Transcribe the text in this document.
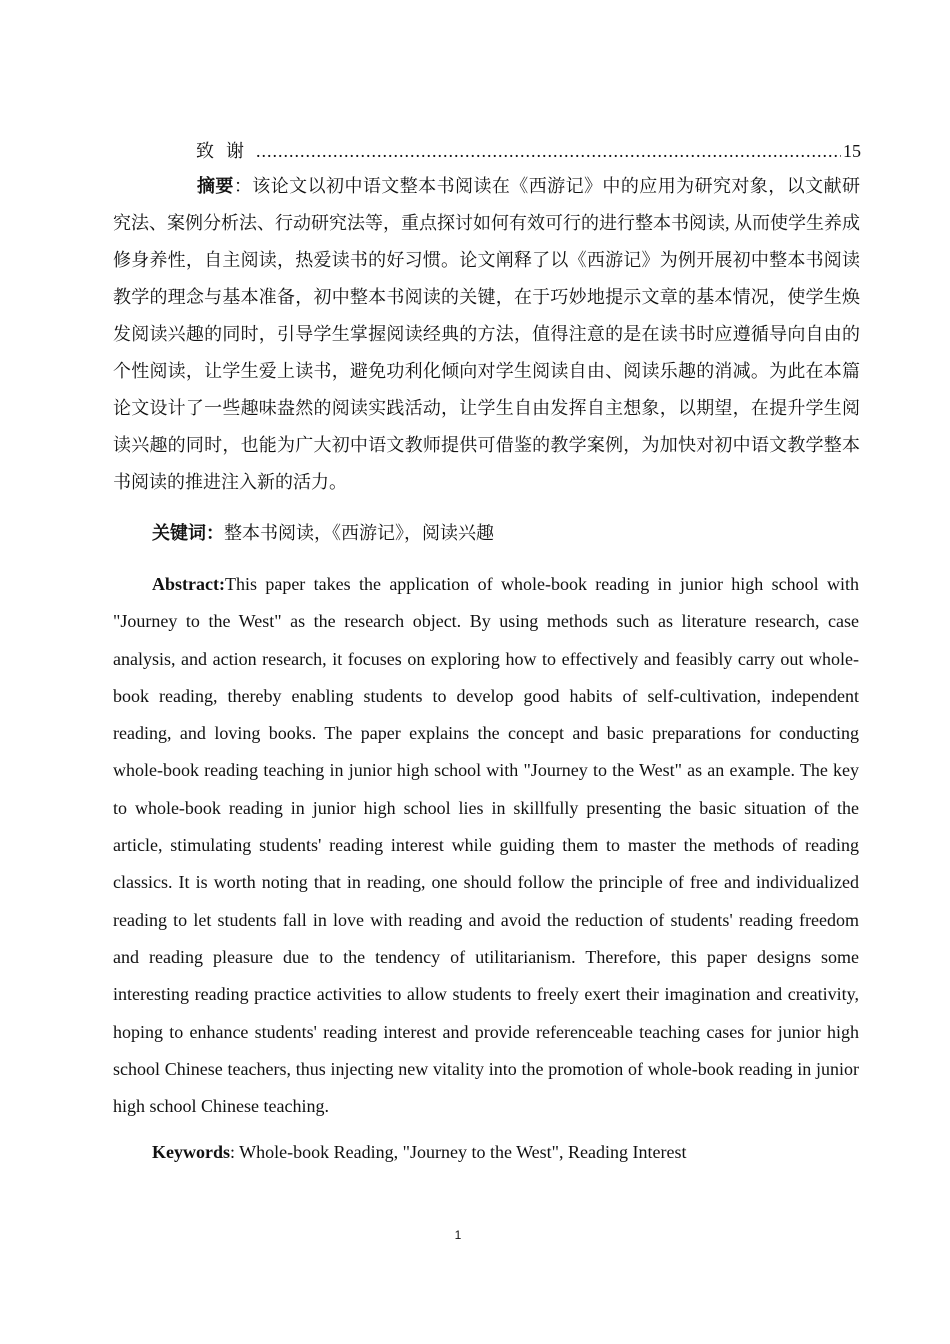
致谢
.....	15

摘要：该论文以初中语文整本书阅读在《西游记》中的应用为研究对象，以文献研究法、案例分析法、行动研究法等，重点探讨如何有效可行的进行整本书阅读, 从而使学生养成修身养性，自主阅读，热爱读书的好习惯。论文阐释了以《西游记》为例开展初中整本书阅读教学的理念与基本准备，初中整本书阅读的关键，在于巧妙地提示文章的基本情况，使学生焕发阅读兴趣的同时，引导学生掌握阅读经典的方法，值得注意的是在读书时应遵循导向自由的个性阅读，让学生爱上读书，避免功利化倾向对学生阅读自由、阅读乐趣的消减。为此在本篇论文设计了一些趣味盎然的阅读实践活动，让学生自由发挥自主想象，以期望，在提升学生阅读兴趣的同时，也能为广大初中语文教师提供可借鉴的教学案例，为加快对初中语文教学整本书阅读的推进注入新的活力。

关键词：整本书阅读，《西游记》，阅读兴趣

Abstract:This paper takes the application of whole-book reading in junior high school with "Journey to the West" as the research object. By using methods such as literature research, case analysis, and action research, it focuses on exploring how to effectively and feasibly carry out whole-book reading, thereby enabling students to develop good habits of self-cultivation, independent reading, and loving books. The paper explains the concept and basic preparations for conducting whole-book reading teaching in junior high school with "Journey to the West" as an example. The key to whole-book reading in junior high school lies in skillfully presenting the basic situation of the article, stimulating students' reading interest while guiding them to master the methods of reading classics. It is worth noting that in reading, one should follow the principle of free and individualized reading to let students fall in love with reading and avoid the reduction of students' reading freedom and reading pleasure due to the tendency of utilitarianism. Therefore, this paper designs some interesting reading practice activities to allow students to freely exert their imagination and creativity, hoping to enhance students' reading interest and provide referenceable teaching cases for junior high school Chinese teachers, thus injecting new vitality into the promotion of whole-book reading in junior high school Chinese teaching.

Keywords: Whole-book Reading, "Journey to the West", Reading Interest

1
